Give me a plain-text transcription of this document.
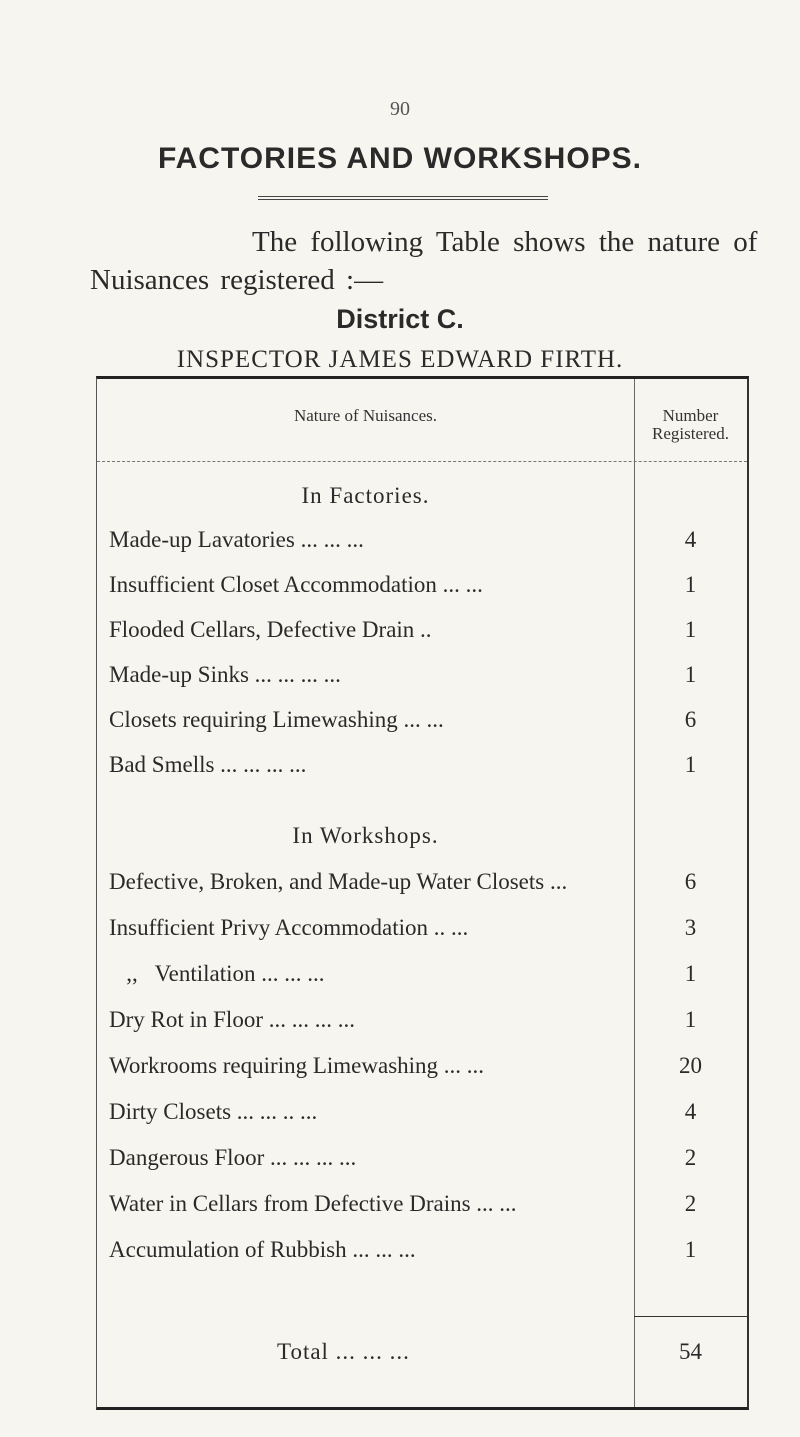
90
FACTORIES AND WORKSHOPS.
The following Table shows the nature of
Nuisances registered :—
District C.
INSPECTOR JAMES EDWARD FIRTH.
Nature of Nuisances.	Number
Registered.
In Factories.
Made-up Lavatories ... ... ...	4
Insufficient Closet Accommodation ... ...	1
Flooded Cellars, Defective Drain ..	1
Made-up Sinks ... ... ... ...	1
Closets requiring Limewashing ... ...	6
Bad Smells ... ... ... ...	1
In Workshops.
Defective, Broken, and Made-up Water Closets ...	6
Insufficient Privy Accommodation .. ...	3
,,   Ventilation ... ... ...	1
Dry Rot in Floor ... ... ... ...	1
Workrooms requiring Limewashing ... ...	20
Dirty Closets ... ... .. ...	4
Dangerous Floor ... ... ... ...	2
Water in Cellars from Defective Drains ... ...	2
Accumulation of Rubbish ... ... ...	1
Total ... ... ...	54
